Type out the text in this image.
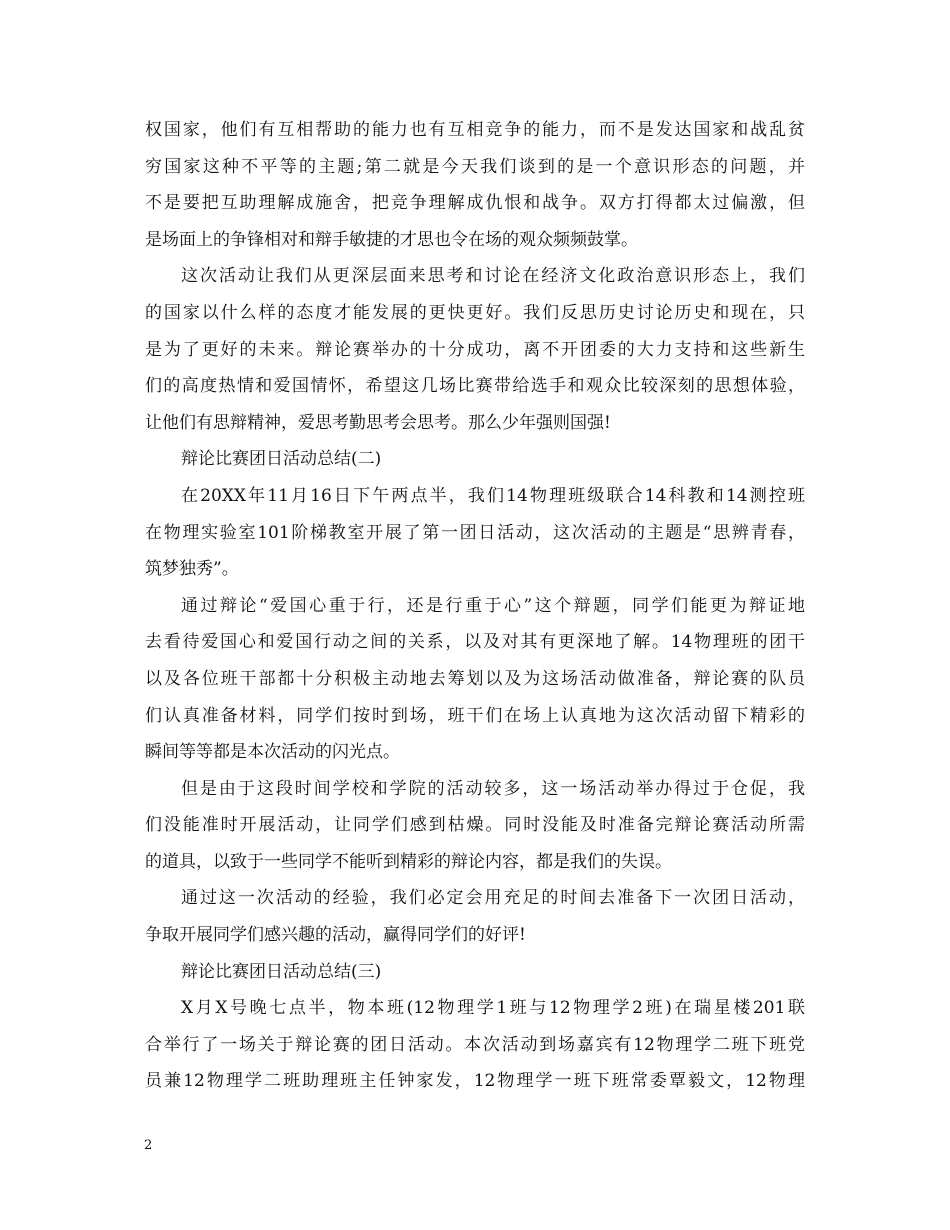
权国家，他们有互相帮助的能力也有互相竞争的能力，而不是发达国家和战乱贫
穷国家这种不平等的主题;第二就是今天我们谈到的是一个意识形态的问题，并
不是要把互助理解成施舍，把竞争理解成仇恨和战争。双方打得都太过偏激，但
是场面上的争锋相对和辩手敏捷的才思也令在场的观众频频鼓掌。
这次活动让我们从更深层面来思考和讨论在经济文化政治意识形态上，我们
的国家以什么样的态度才能发展的更快更好。我们反思历史讨论历史和现在，只
是为了更好的未来。辩论赛举办的十分成功，离不开团委的大力支持和这些新生
们的高度热情和爱国情怀，希望这几场比赛带给选手和观众比较深刻的思想体验，
让他们有思辩精神，爱思考勤思考会思考。那么少年强则国强!
辩论比赛团日活动总结(二)
在20XX年11月16日下午两点半，我们14物理班级联合14科教和14测控班
在物理实验室101阶梯教室开展了第一团日活动，这次活动的主题是“思辨青春，
筑梦独秀”。
通过辩论“爱国心重于行，还是行重于心”这个辩题，同学们能更为辩证地
去看待爱国心和爱国行动之间的关系，以及对其有更深地了解。14物理班的团干
以及各位班干部都十分积极主动地去筹划以及为这场活动做准备，辩论赛的队员
们认真准备材料，同学们按时到场，班干们在场上认真地为这次活动留下精彩的
瞬间等等都是本次活动的闪光点。
但是由于这段时间学校和学院的活动较多，这一场活动举办得过于仓促，我
们没能准时开展活动，让同学们感到枯燥。同时没能及时准备完辩论赛活动所需
的道具，以致于一些同学不能听到精彩的辩论内容，都是我们的失误。
通过这一次活动的经验，我们必定会用充足的时间去准备下一次团日活动，
争取开展同学们感兴趣的活动，赢得同学们的好评!
辩论比赛团日活动总结(三)
X月X号晚七点半，物本班(12物理学1班与12物理学2班)在瑞星楼201联
合举行了一场关于辩论赛的团日活动。本次活动到场嘉宾有12物理学二班下班党
员兼12物理学二班助理班主任钟家发，12物理学一班下班常委覃毅文，12物理
2
